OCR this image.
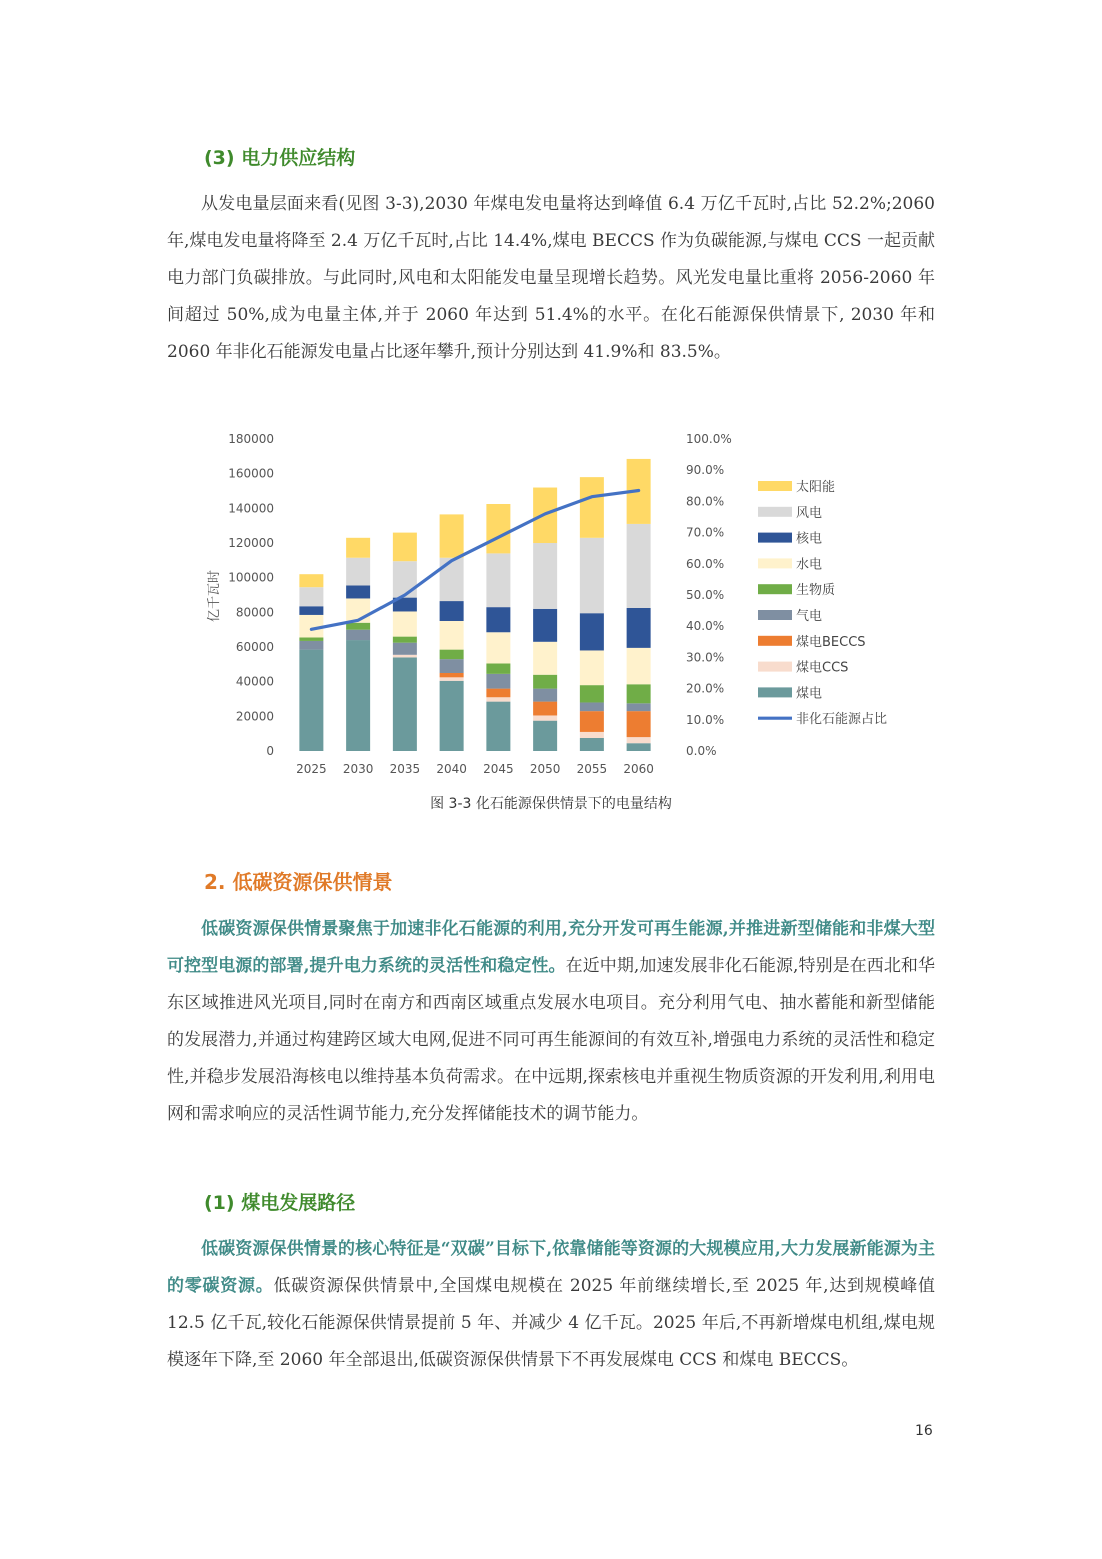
(3) 电力供应结构

从发电量层面来看(见图 3-3),2030 年煤电发电量将达到峰值 6.4 万亿千瓦时,占比 52.2%;2060 年,煤电发电量将降至 2.4 万亿千瓦时,占比 14.4%,煤电 BECCS 作为负碳能源,与煤电 CCS 一起贡献电力部门负碳排放。与此同时,风电和太阳能发电量呈现增长趋势。风光发电量比重将 2056-2060 年间超过 50%,成为电量主体,并于 2060 年达到 51.4%的水平。在化石能源保供情景下, 2030 年和 2060 年非化石能源发电量占比逐年攀升,预计分别达到 41.9%和 83.5%。

0
20000
40000
60000
80000
100000
120000
140000
160000
180000
0.0%
10.0%
20.0%
30.0%
40.0%
50.0%
60.0%
70.0%
80.0%
90.0%
100.0%
2025 2030 2035 2040 2045 2050 2055 2060
太阳能
风电
核电
水电
生物质
气电
煤电BECCS
煤电CCS
煤电
非化石能源占比
亿千瓦时
图 3-3 化石能源保供情景下的电量结构
2. 低碳资源保供情景

低碳资源保供情景聚焦于加速非化石能源的利用,充分开发可再生能源,并推进新型储能和非煤大型可控型电源的部署,提升电力系统的灵活性和稳定性。在近中期,加速发展非化石能源,特别是在西北和华东区域推进风光项目,同时在南方和西南区域重点发展水电项目。充分利用气电、抽水蓄能和新型储能的发展潜力,并通过构建跨区域大电网,促进不同可再生能源间的有效互补,增强电力系统的灵活性和稳定性,并稳步发展沿海核电以维持基本负荷需求。在中远期,探索核电并重视生物质资源的开发利用,利用电网和需求响应的灵活性调节能力,充分发挥储能技术的调节能力。

(1) 煤电发展路径

低碳资源保供情景的核心特征是“双碳”目标下,依靠储能等资源的大规模应用,大力发展新能源为主的零碳资源。低碳资源保供情景中,全国煤电规模在 2025 年前继续增长,至 2025 年,达到规模峰值 12.5 亿千瓦,较化石能源保供情景提前 5 年、并减少 4 亿千瓦。2025 年后,不再新增煤电机组,煤电规模逐年下降,至 2060 年全部退出,低碳资源保供情景下不再发展煤电 CCS 和煤电 BECCS。

16
